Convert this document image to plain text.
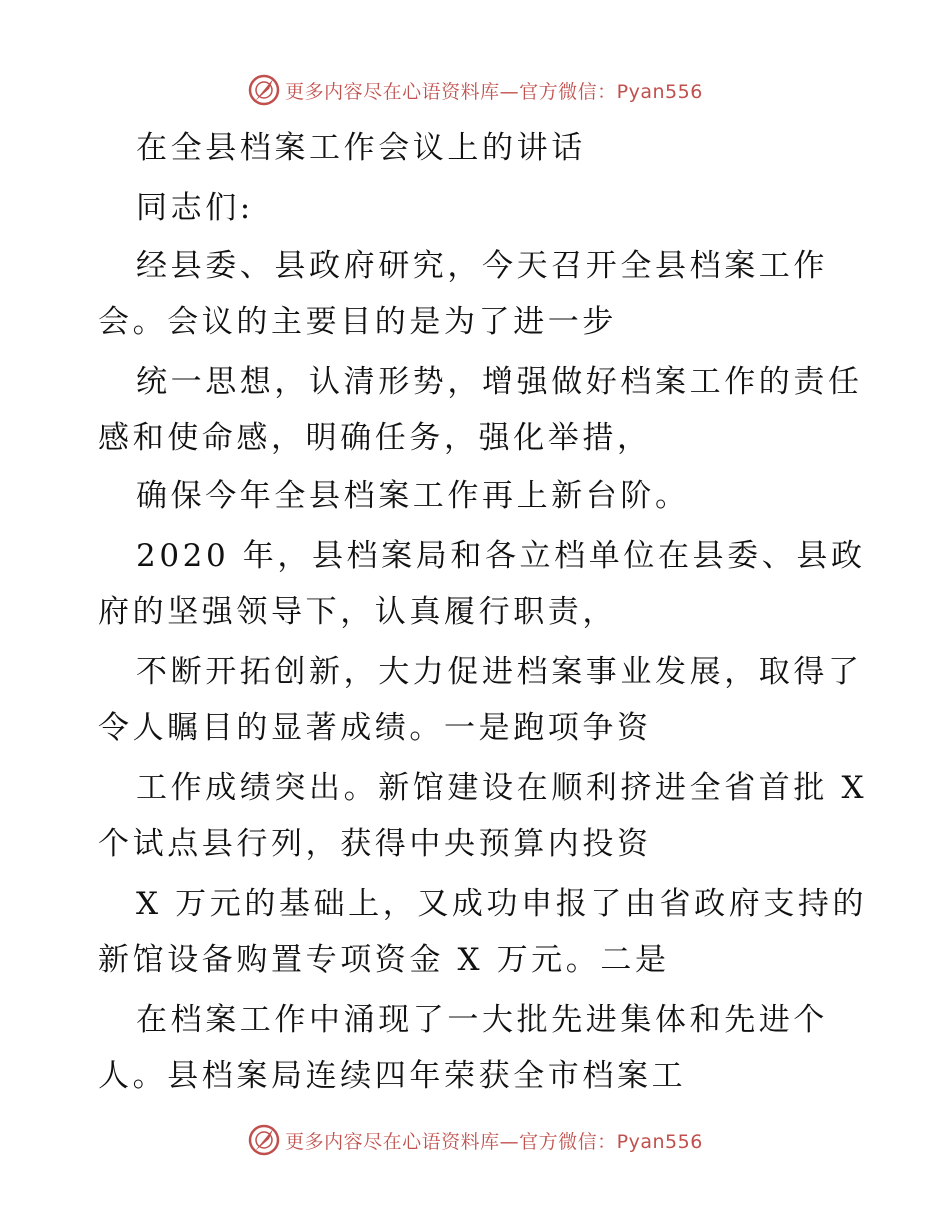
更多内容尽在心语资料库—官方微信：Pyan556
在全县档案工作会议上的讲话
同志们:
经县委、县政府研究，今天召开全县档案工作
会。会议的主要目的是为了进一步
统一思想，认清形势，增强做好档案工作的责任
感和使命感，明确任务，强化举措，
确保今年全县档案工作再上新台阶。
2020 年，县档案局和各立档单位在县委、县政
府的坚强领导下，认真履行职责，
不断开拓创新，大力促进档案事业发展，取得了
令人瞩目的显著成绩。一是跑项争资
工作成绩突出。新馆建设在顺利挤进全省首批 X
个试点县行列，获得中央预算内投资
X 万元的基础上，又成功申报了由省政府支持的
新馆设备购置专项资金 X 万元。二是
在档案工作中涌现了一大批先进集体和先进个
人。县档案局连续四年荣获全市档案工
更多内容尽在心语资料库—官方微信：Pyan556
